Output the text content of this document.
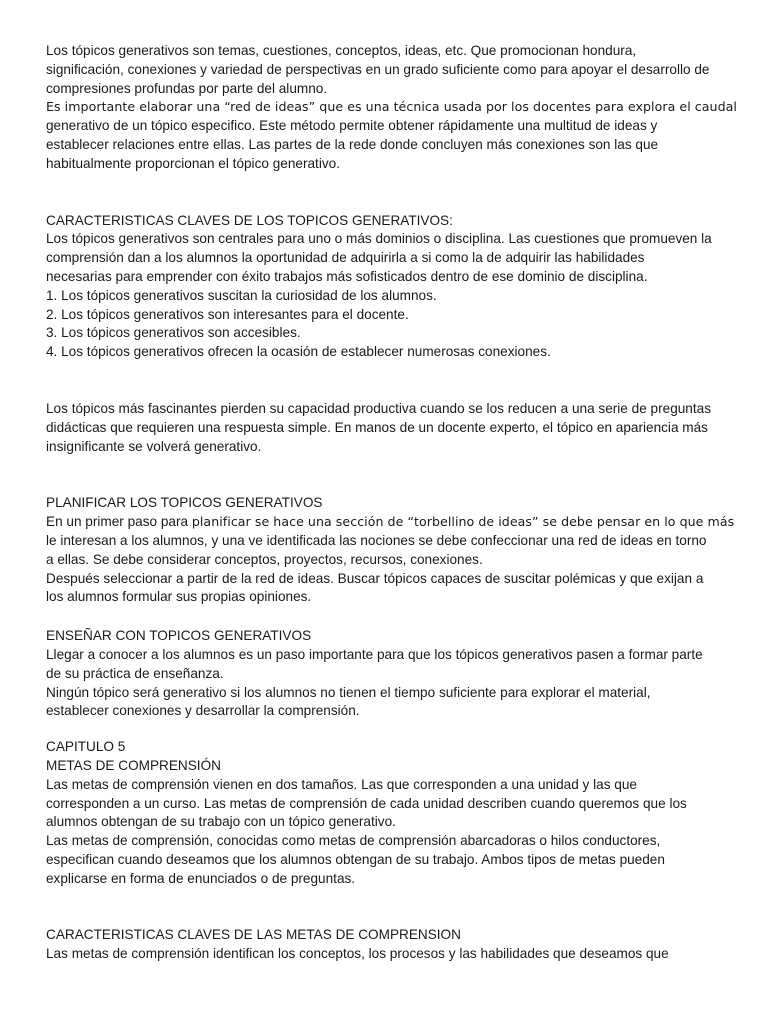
Los tópicos generativos son temas, cuestiones, conceptos, ideas, etc. Que promocionan hondura,
significación, conexiones y variedad de perspectivas en un grado suficiente como para apoyar el desarrollo de
compresiones profundas por parte del alumno.
Es importante elaborar una “red de ideas” que es una técnica usada por los docentes para explora el caudal
generativo de un tópico especifico. Este método permite obtener rápidamente una multitud de ideas y
establecer relaciones entre ellas. Las partes de la rede donde concluyen más conexiones son las que
habitualmente proporcionan el tópico generativo.

CARACTERISTICAS CLAVES DE LOS TOPICOS GENERATIVOS:
Los tópicos generativos son centrales para uno o más dominios o disciplina. Las cuestiones que promueven la
comprensión dan a los alumnos la oportunidad de adquirirla a si como la de adquirir las habilidades
necesarias para emprender con éxito trabajos más sofisticados dentro de ese dominio de disciplina.
1. Los tópicos generativos suscitan la curiosidad de los alumnos.
2. Los tópicos generativos son interesantes para el docente.
3. Los tópicos generativos son accesibles.
4. Los tópicos generativos ofrecen la ocasión de establecer numerosas conexiones.

Los tópicos más fascinantes pierden su capacidad productiva cuando se los reducen a una serie de preguntas
didácticas que requieren una respuesta simple. En manos de un docente experto, el tópico en apariencia más
insignificante se volverá generativo.

PLANIFICAR LOS TOPICOS GENERATIVOS
En un primer paso para planificar se hace una sección de “torbellino de ideas” se debe pensar en lo que más
le interesan a los alumnos, y una ve identificada las nociones se debe confeccionar una red de ideas en torno
a ellas. Se debe considerar conceptos, proyectos, recursos, conexiones.
Después seleccionar a partir de la red de ideas. Buscar tópicos capaces de suscitar polémicas y que exijan a
los alumnos formular sus propias opiniones.

ENSEÑAR CON TOPICOS GENERATIVOS
Llegar a conocer a los alumnos es un paso importante para que los tópicos generativos pasen a formar parte
de su práctica de enseñanza.
Ningún tópico será generativo si los alumnos no tienen el tiempo suficiente para explorar el material,
establecer conexiones y desarrollar la comprensión.

CAPITULO 5
METAS DE COMPRENSIÓN
Las metas de comprensión vienen en dos tamaños. Las que corresponden a una unidad y las que
corresponden a un curso. Las metas de comprensión de cada unidad describen cuando queremos que los
alumnos obtengan de su trabajo con un tópico generativo.
Las metas de comprensión, conocidas como metas de comprensión abarcadoras o hilos conductores,
especifican cuando deseamos que los alumnos obtengan de su trabajo. Ambos tipos de metas pueden
explicarse en forma de enunciados o de preguntas.

CARACTERISTICAS CLAVES DE LAS METAS DE COMPRENSION
Las metas de comprensión identifican los conceptos, los procesos y las habilidades que deseamos que
